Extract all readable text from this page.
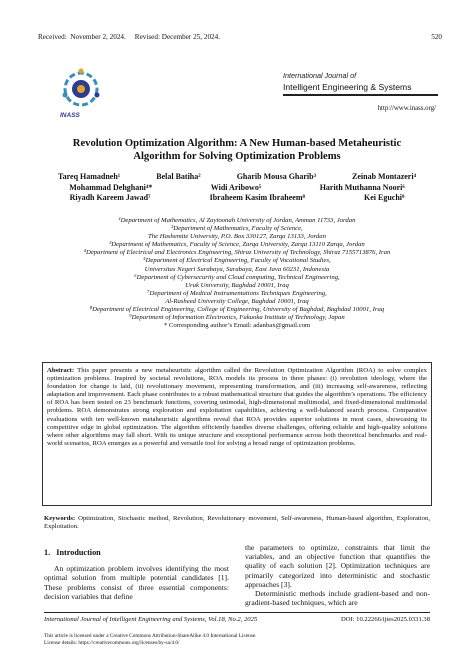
Received:  November 2, 2024.     Revised: December 25, 2024.	520
INASS
International Journal of
Intelligent Engineering & Systems
http://www.inass.org/
Revolution Optimization Algorithm: A New Human-based Metaheuristic
Algorithm for Solving Optimization Problems
Tareq Hamadneh¹	Belal Batiha²	Gharib Mousa Gharib³	Zeinab Montazeri⁴
Mohammad Dehghani⁴*	Widi Aribowo⁵	Harith Muthanna Noori⁶
Riyadh Kareem Jawad⁷	Ibraheem Kasim Ibraheem⁸	Kei Eguchi⁹
¹Department of Mathematics, Al Zaytoonah University of Jordan, Amman 11733, Jordan
²Department of Mathematics, Faculty of Science,
The Hashemite University, P.O. Box 330127, Zarqa 13133, Jordan
³Department of Mathematics, Faculty of Science, Zarqa University, Zarqa 13110 Zarqa, Jordan
⁴Department of Electrical and Electronics Engineering, Shiraz University of Technology, Shiraz 7155713876, Iran
⁵Department of Electrical Engineering, Faculty of Vocational Studies,
Universitas Negeri Surabaya, Surabaya, East Java 60231, Indonesia
⁶Department of Cybersecurity and Cloud computing, Technical Engineering,
Uruk University, Baghdad 10001, Iraq
⁷Department of Medical Instrumentations Techniques Engineering,
Al-Rasheed University College, Baghdad 10001, Iraq
⁸Department of Electrical Engineering, College of Engineering, University of Baghdad, Baghdad 10001, Iraq
⁹Department of Information Electronics, Fukuoka Institute of Technology, Japan
* Corresponding author’s Email: adanbax@gmail.com
Abstract: This paper presents a new metaheuristic algorithm called the Revolution Optimization Algorithm (ROA) to solve complex optimization problems. Inspired by societal revolutions, ROA models its process in three phases: (i) revolution ideology, where the foundation for change is laid, (ii) revolutionary movement, representing transformation, and (iii) increasing self-awareness, reflecting adaptation and improvement. Each phase contributes to a robust mathematical structure that guides the algorithm’s operations. The efficiency of ROA has been tested on 23 benchmark functions, covering unimodal, high-dimensional multimodal, and fixed-dimensional multimodal problems. ROA demonstrates strong exploration and exploitation capabilities, achieving a well-balanced search process. Comparative evaluations with ten well-known metaheuristic algorithms reveal that ROA provides superior solutions in most cases, showcasing its competitive edge in global optimization. The algorithm efficiently handles diverse challenges, offering reliable and high-quality solutions where other algorithms may fall short. With its unique structure and exceptional performance across both theoretical benchmarks and real-world scenarios, ROA emerges as a powerful and versatile tool for solving a broad range of optimization problems.
Keywords: Optimization, Stochastic method, Revolution, Revolutionary movement, Self-awareness, Human-based algorithm, Exploration, Exploitation.
1.   Introduction

An optimization problem involves identifying the most optimal solution from multiple potential candidates [1]. These problems consist of three essential components: decision variables that define

the parameters to optimize, constraints that limit the variables, and an objective function that quantifies the quality of each solution [2]. Optimization techniques are primarily categorized into deterministic and stochastic approaches [3].

Deterministic methods include gradient-based and non-gradient-based techniques, which are

International Journal of Intelligent Engineering and Systems, Vol.18, No.2, 2025	DOI: 10.22266/ijies2025.0331.38
This article is licensed under a Creative Commons Attribution-ShareAlike 4.0 International License.
License details: https://creativecommons.org/licenses/by-sa/4.0/
